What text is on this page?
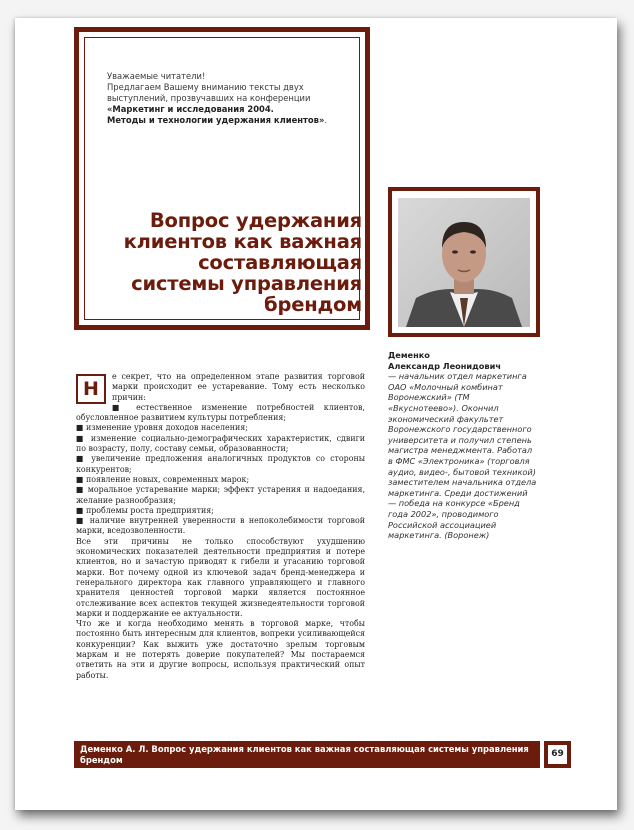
Уважаемые читатели!
Предлагаем Вашему вниманию тексты двух выступлений, прозвучавших на конференции
«Маркетинг и исследования 2004.
Методы и технологии удержания клиентов».
Вопрос удержания
клиентов как важная
составляющая
системы управления
брендом
Деменко
Александр Леонидович
— начальник отдел маркетинга ОАО «Молочный комбинат Воронежский» (ТМ «Вкуснотеево»). Окончил экономический факультет Воронежского государственного университета и получил степень магистра менеджмента. Работал в ФМС «Электроника» (торговля аудио, видео-, бытовой техникой) заместителем начальника отдела маркетинга. Среди достижений — победа на конкурсе «Бренд года 2002», проводимого Российской ассоциацией маркетинга. (Воронеж)
Н

е секрет, что на определенном этапе развития торговой марки происходит ее устаревание. Тому есть несколько причин:

■ естественное изменение потребностей клиентов, обусловленное развитием культуры потребления;

■ изменение уровня доходов населения;

■ изменение социально-демографических характеристик, сдвиги по возрасту, полу, составу семьи, образованности;

■ увеличение предложения аналогичных продуктов со стороны конкурентов;

■ появление новых, современных марок;

■ моральное устаревание марки; эффект устарения и надоедания, желание разнообразия;

■ проблемы роста предприятия;

■ наличие внутренней уверенности в непоколебимости торговой марки, вседозволенности.

Все эти причины не только способствуют ухудшению экономических показателей деятельности предприятия и потере клиентов, но и зачастую приводят к гибели и угасанию торговой марки. Вот почему одной из ключевой задач бренд-менеджера и генерального директора как главного управляющего и главного хранителя ценностей торговой марки является постоянное отслеживание всех аспектов текущей жизнедеятельности торговой марки и поддержание ее актуальности.

Что же и когда необходимо менять в торговой марке, чтобы постоянно быть интересным для клиентов, вопреки усиливающейся конкуренции? Как выжить уже достаточно зрелым торговым маркам и не потерять доверие покупателей? Мы постараемся ответить на эти и другие вопросы, используя практический опыт работы.

Деменко А. Л. Вопрос удержания клиентов как важная составляющая системы управления брендом
69
